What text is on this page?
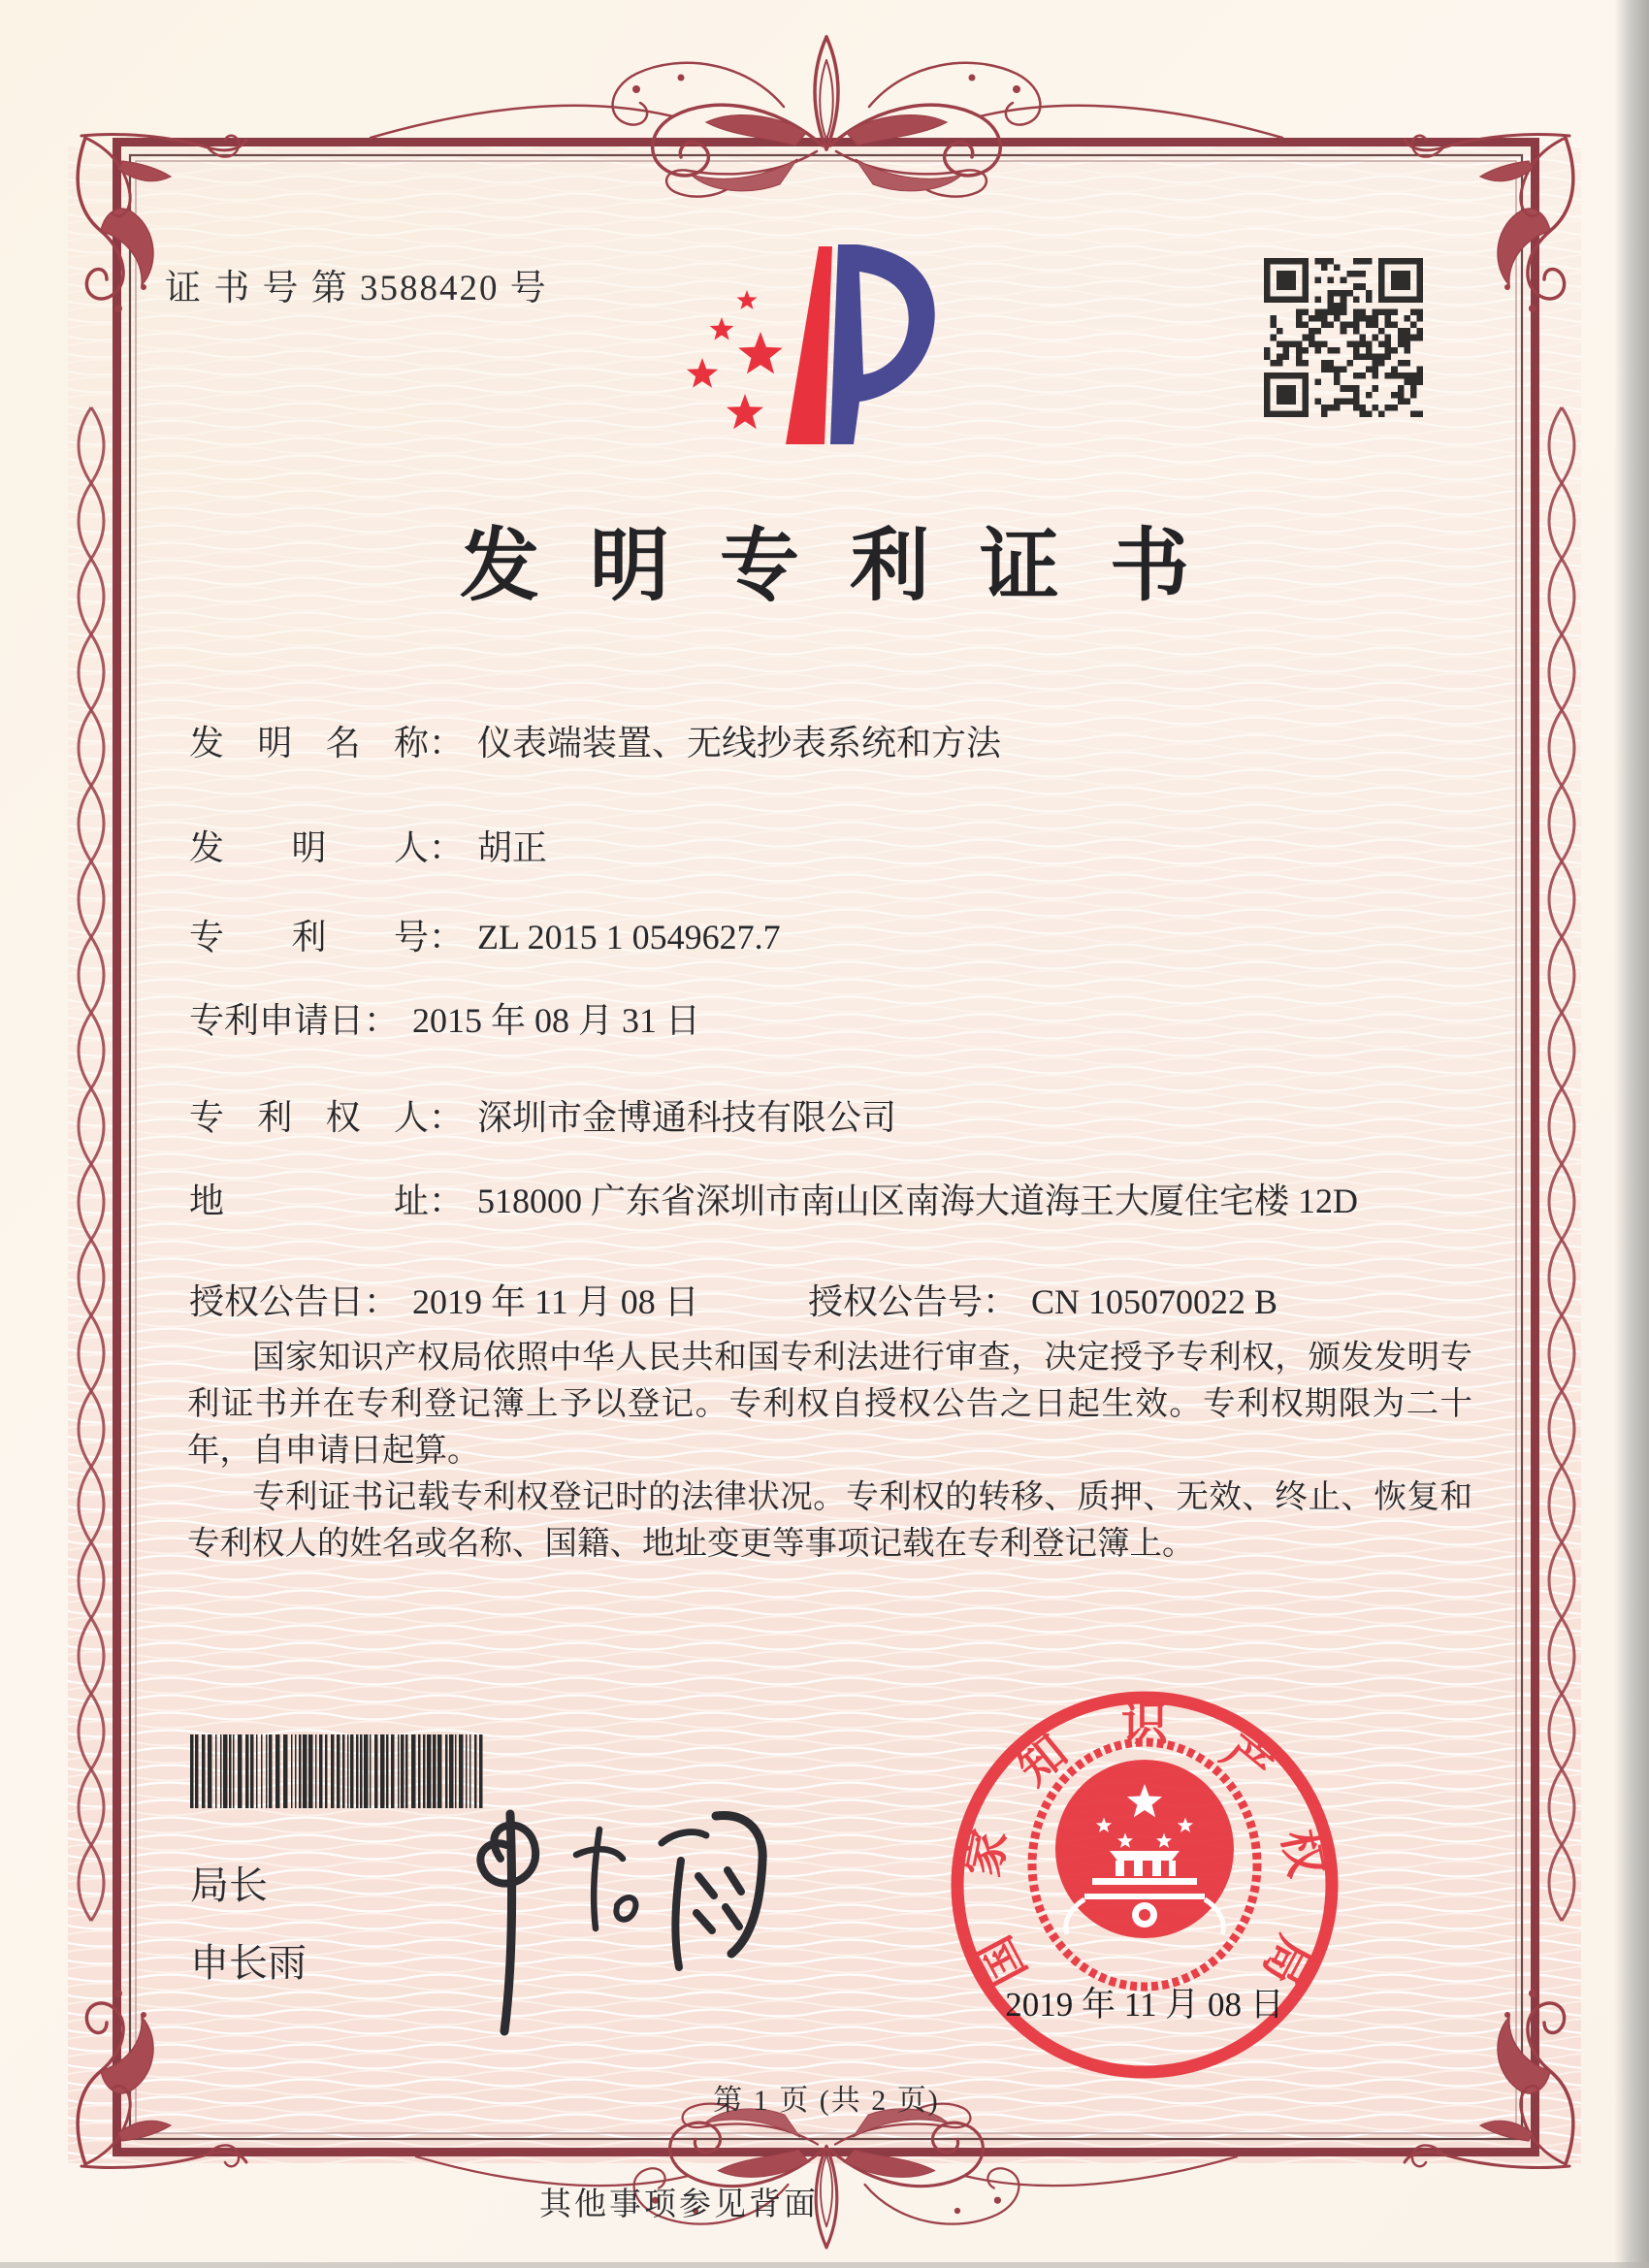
证 书 号 第 3588420 号
发明专利证书
发明名称： 仪表端装置、无线抄表系统和方法
发明人： 胡正
专利号： ZL 2015 1 0549627.7
专利申请日： 2015 年 08 月 31 日
专利权人： 深圳市金博通科技有限公司
地址： 518000 广东省深圳市南山区南海大道海王大厦住宅楼 12D
授权公告日： 2019 年 11 月 08 日	授权公告号： CN 105070022 B

国家知识产权局依照中华人民共和国专利法进行审查，决定授予专利权，颁发发明专利证书并在专利登记簿上予以登记。专利权自授权公告之日起生效。专利权期限为二十年，自申请日起算。

专利证书记载专利权登记时的法律状况。专利权的转移、质押、无效、终止、恢复和专利权人的姓名或名称、国籍、地址变更等事项记载在专利登记簿上。

局长
申长雨	国
家
知
识
产
权
局
2019 年 11 月 08 日
第 1 页 (共 2 页)
其他事项参见背面
